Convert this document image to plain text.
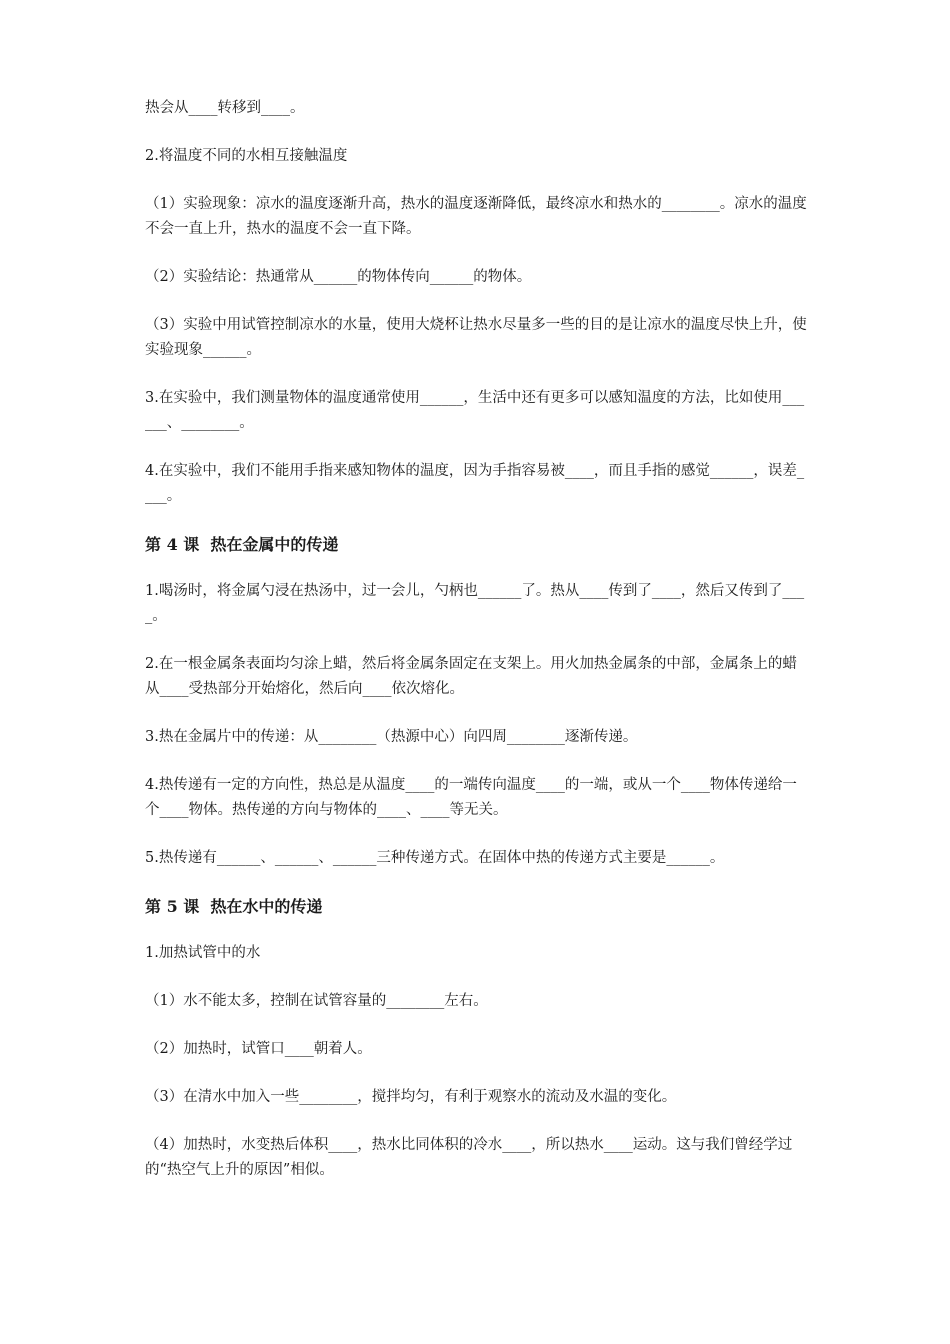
热会从____转移到____。

2.将温度不同的水相互接触温度

（1）实验现象：凉水的温度逐渐升高，热水的温度逐渐降低，最终凉水和热水的________。凉水的温度不会一直上升，热水的温度不会一直下降。

（2）实验结论：热通常从______的物体传向______的物体。

（3）实验中用试管控制凉水的水量，使用大烧杯让热水尽量多一些的目的是让凉水的温度尽快上升，使实验现象______。

3.在实验中，我们测量物体的温度通常使用______，生活中还有更多可以感知温度的方法，比如使用______、________。

4.在实验中，我们不能用手指来感知物体的温度，因为手指容易被____，而且手指的感觉______，误差____。

第 4 课  热在金属中的传递

1.喝汤时，将金属勺浸在热汤中，过一会儿，勺柄也______了。热从____传到了____，然后又传到了____。

2.在一根金属条表面均匀涂上蜡，然后将金属条固定在支架上。用火加热金属条的中部，金属条上的蜡从____受热部分开始熔化，然后向____依次熔化。

3.热在金属片中的传递：从________（热源中心）向四周________逐渐传递。

4.热传递有一定的方向性，热总是从温度____的一端传向温度____的一端，或从一个____物体传递给一个____物体。热传递的方向与物体的____、____等无关。

5.热传递有______、______、______三种传递方式。在固体中热的传递方式主要是______。

第 5 课  热在水中的传递

1.加热试管中的水

（1）水不能太多，控制在试管容量的________左右。

（2）加热时，试管口____朝着人。

（3）在清水中加入一些________，搅拌均匀，有利于观察水的流动及水温的变化。

（4）加热时，水变热后体积____，热水比同体积的冷水____，所以热水____运动。这与我们曾经学过的“热空气上升的原因”相似。
